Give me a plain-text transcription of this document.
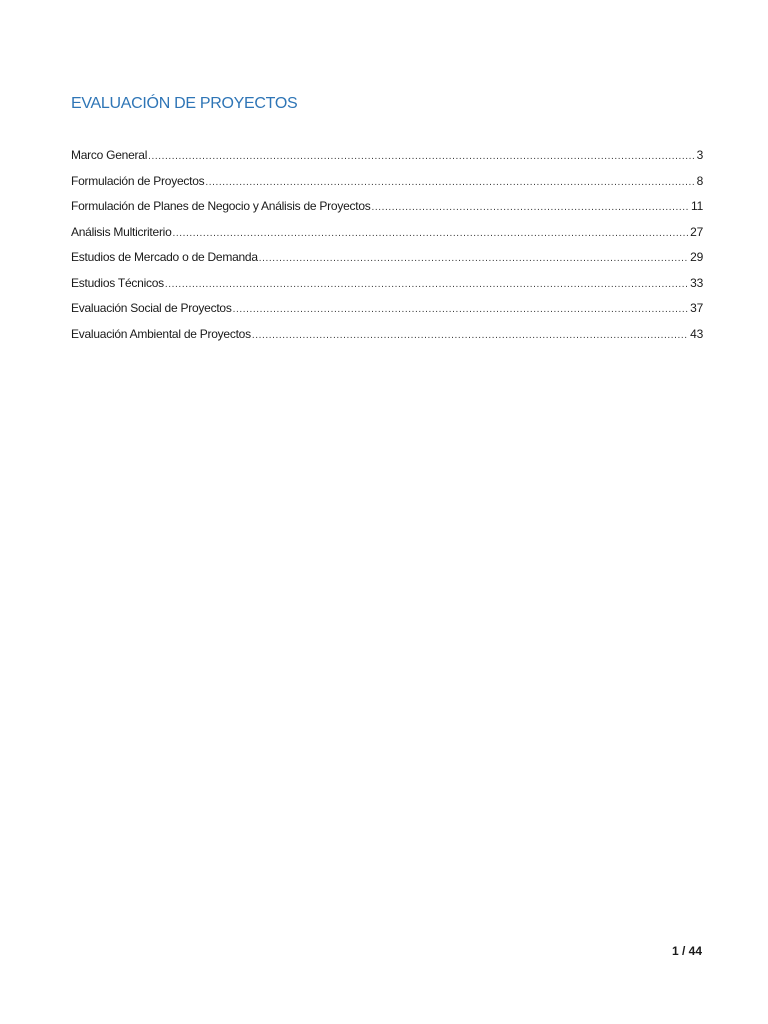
EVALUACIÓN DE PROYECTOS
Marco General .....	3
Formulación de Proyectos .....	8
Formulación de Planes de Negocio y Análisis de Proyectos .....	11
Análisis Multicriterio .....	27
Estudios de Mercado o de Demanda .....	29
Estudios Técnicos .....	33
Evaluación Social de Proyectos .....	37
Evaluación Ambiental de Proyectos .....	43
1 / 44
